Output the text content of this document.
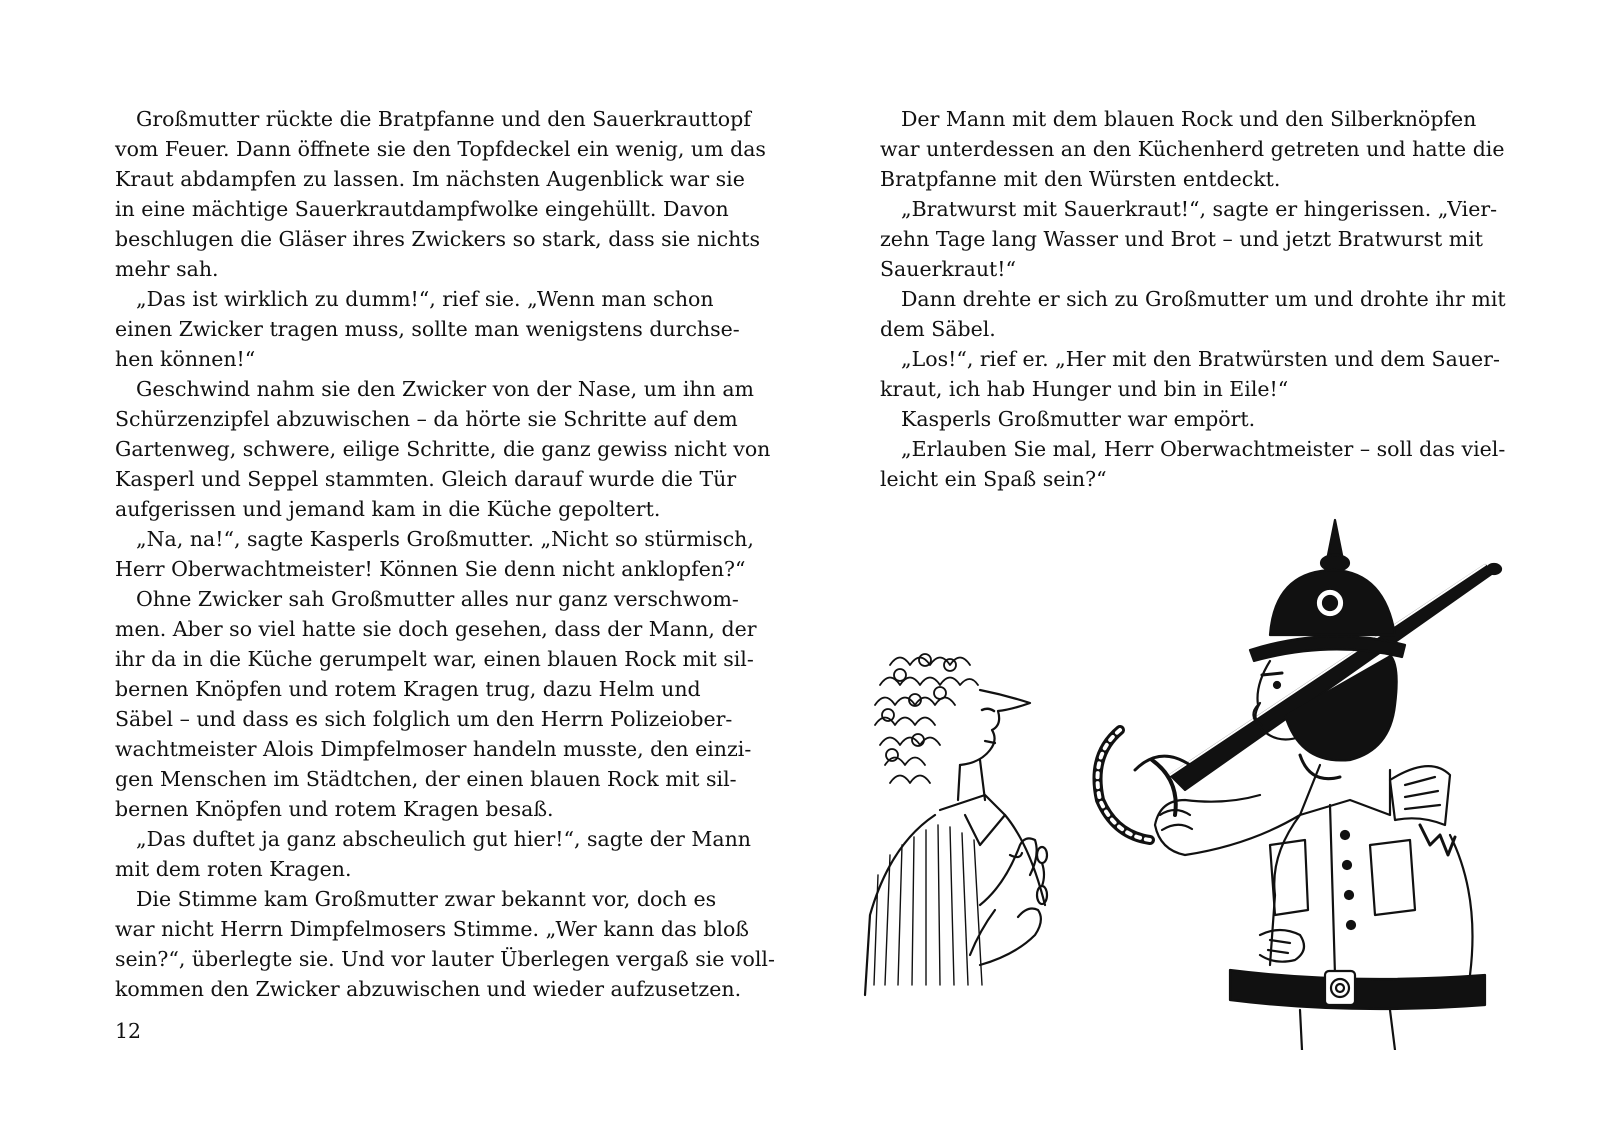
Großmutter rückte die Bratpfanne und den Sauerkrauttopf
vom Feuer. Dann öffnete sie den Topfdeckel ein wenig, um das
Kraut abdampfen zu lassen. Im nächsten Augenblick war sie
in eine mächtige Sauerkrautdampfwolke eingehüllt. Davon
beschlugen die Gläser ihres Zwickers so stark, dass sie nichts
mehr sah.
„Das ist wirklich zu dumm!“, rief sie. „Wenn man schon
einen Zwicker tragen muss, sollte man wenigstens durchse-
hen können!“
Geschwind nahm sie den Zwicker von der Nase, um ihn am
Schürzenzipfel abzuwischen – da hörte sie Schritte auf dem
Gartenweg, schwere, eilige Schritte, die ganz gewiss nicht von
Kasperl und Seppel stammten. Gleich darauf wurde die Tür
aufgerissen und jemand kam in die Küche gepoltert.
„Na, na!“, sagte Kasperls Großmutter. „Nicht so stürmisch,
Herr Oberwachtmeister! Können Sie denn nicht anklopfen?“
Ohne Zwicker sah Großmutter alles nur ganz verschwom-
men. Aber so viel hatte sie doch gesehen, dass der Mann, der
ihr da in die Küche gerumpelt war, einen blauen Rock mit sil-
bernen Knöpfen und rotem Kragen trug, dazu Helm und
Säbel – und dass es sich folglich um den Herrn Polizeiober-
wachtmeister Alois Dimpfelmoser handeln musste, den einzi-
gen Menschen im Städtchen, der einen blauen Rock mit sil-
bernen Knöpfen und rotem Kragen besaß.
„Das duftet ja ganz abscheulich gut hier!“, sagte der Mann
mit dem roten Kragen.
Die Stimme kam Großmutter zwar bekannt vor, doch es
war nicht Herrn Dimpfelmosers Stimme. „Wer kann das bloß
sein?“, überlegte sie. Und vor lauter Überlegen vergaß sie voll-
kommen den Zwicker abzuwischen und wieder aufzusetzen.
12
Der Mann mit dem blauen Rock und den Silberknöpfen
war unterdessen an den Küchenherd getreten und hatte die
Bratpfanne mit den Würsten entdeckt.
„Bratwurst mit Sauerkraut!“, sagte er hingerissen. „Vier-
zehn Tage lang Wasser und Brot – und jetzt Bratwurst mit
Sauerkraut!“
Dann drehte er sich zu Großmutter um und drohte ihr mit
dem Säbel.
„Los!“, rief er. „Her mit den Bratwürsten und dem Sauer-
kraut, ich hab Hunger und bin in Eile!“
Kasperls Großmutter war empört.
„Erlauben Sie mal, Herr Oberwachtmeister – soll das viel-
leicht ein Spaß sein?“
